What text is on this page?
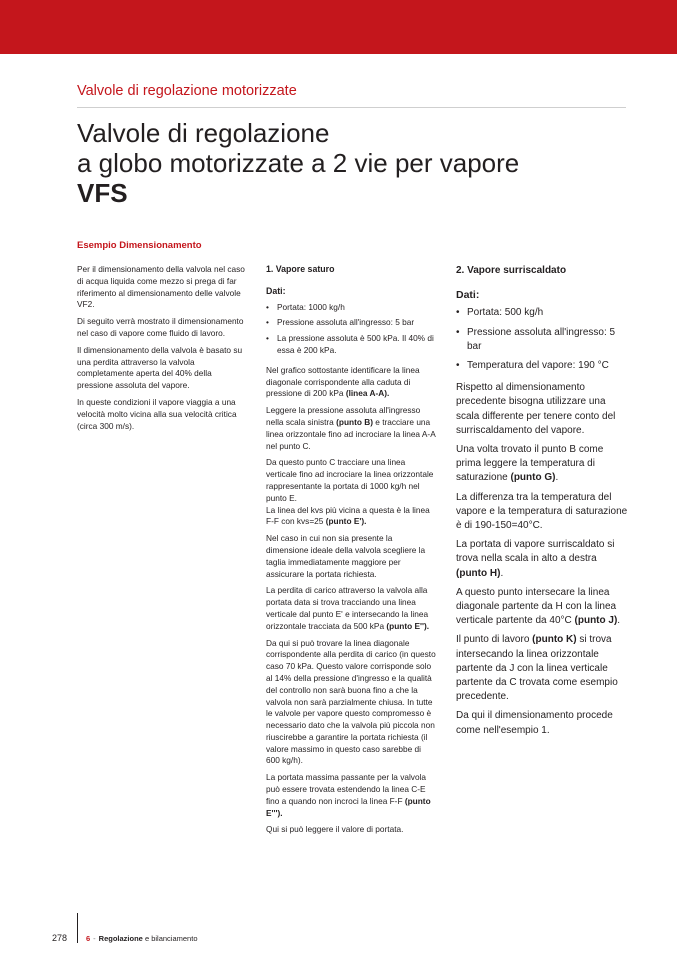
Valvole di regolazione motorizzate
Valvole di regolazione
a globo motorizzate a 2 vie per vapore
VFS
Esempio Dimensionamento

Per il dimensionamento della valvola nel caso di acqua liquida come mezzo si prega di far riferimento al dimensionamento delle valvole VF2.

Di seguito verrà mostrato il dimensionamento nel caso di vapore come fluido di lavoro.

Il dimensionamento della valvola è basato su una perdita attraverso la valvola completamente aperta del 40% della pressione assoluta del vapore.

In queste condizioni il vapore viaggia a una velocità molto vicina alla sua velocità critica (circa 300 m/s).

1. Vapore saturo
Dati:
• Portata: 1000 kg/h
• Pressione assoluta all'ingresso: 5 bar
• La pressione assoluta è 500 kPa. Il 40% di essa è 200 kPa.

Nel grafico sottostante identificare la linea diagonale corrispondente alla caduta di pressione di 200 kPa (linea A-A).

Leggere la pressione assoluta all'ingresso nella scala sinistra (punto B) e tracciare una linea orizzontale fino ad incrociare la linea A-A nel punto C.

Da questo punto C tracciare una linea verticale fino ad incrociare la linea orizzontale rappresentante la portata di 1000 kg/h nel punto E.
La linea del kvs più vicina a questa è la linea F-F con kvs=25 (punto E').

Nel caso in cui non sia presente la dimensione ideale della valvola scegliere la taglia immediatamente maggiore per assicurare la portata richiesta.

La perdita di carico attraverso la valvola alla portata data si trova tracciando una linea verticale dal punto E' e intersecando la linea orizzontale tracciata da 500 kPa (punto E'').

Da qui si può trovare la linea diagonale corrispondente alla perdita di carico (in questo caso 70 kPa. Questo valore corrisponde solo al 14% della pressione d'ingresso e la qualità del controllo non sarà buona fino a che la valvola non sarà parzialmente chiusa. In tutte le valvole per vapore questo compromesso è necessario dato che la valvola più piccola non riuscirebbe a garantire la portata richiesta (il valore massimo in questo caso sarebbe di 600 kg/h).

La portata massima passante per la valvola può essere trovata estendendo la linea C-E fino a quando non incroci la linea F-F (punto E''').

Qui si può leggere il valore di portata.

2. Vapore surriscaldato
Dati:
• Portata: 500 kg/h
• Pressione assoluta all'ingresso: 5 bar
• Temperatura del vapore: 190 °C

Rispetto al dimensionamento precedente bisogna utilizzare una scala differente per tenere conto del surriscaldamento del vapore.

Una volta trovato il punto B come prima leggere la temperatura di saturazione (punto G).

La differenza tra la temperatura del vapore e la temperatura di saturazione è di 190-150=40°C.

La portata di vapore surriscaldato si trova nella scala in alto a destra (punto H).

A questo punto intersecare la linea diagonale partente da H con la linea verticale partente da 40°C (punto J).

Il punto di lavoro (punto K) si trova intersecando la linea orizzontale partente da J con la linea verticale partente da C trovata come esempio precedente.

Da qui il dimensionamento procede come nell'esempio 1.

278	6 - Regolazione e bilanciamento
